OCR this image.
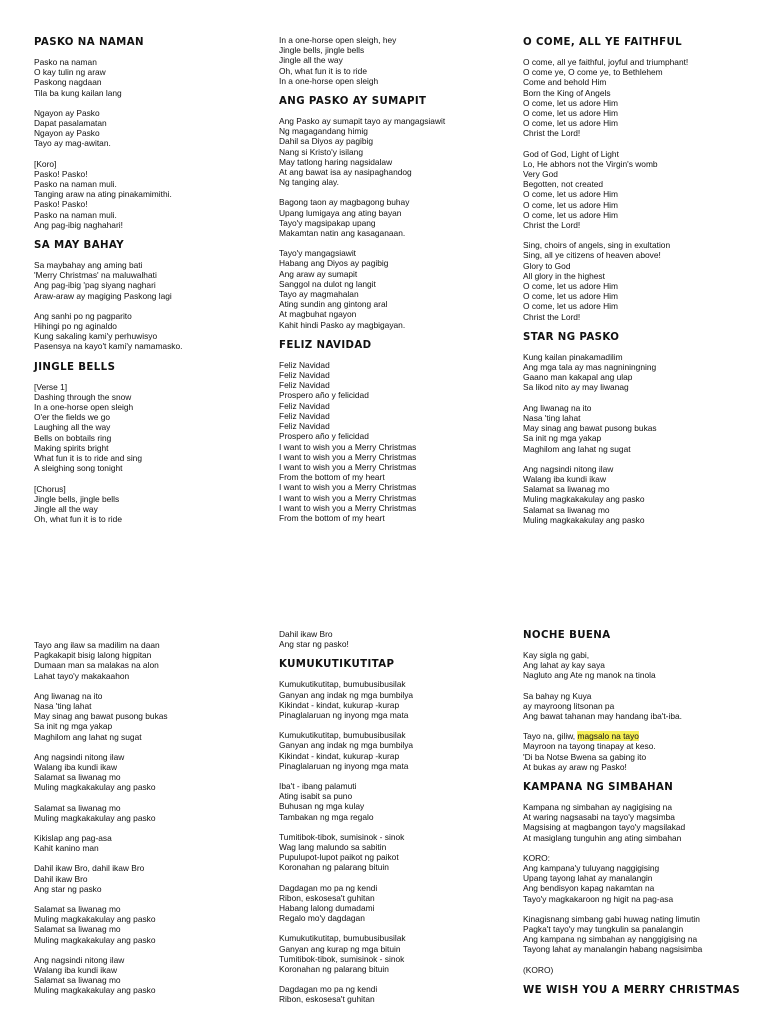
PASKO NA NAMAN
Pasko na naman
O kay tulin ng araw
Paskong nagdaan
Tila ba kung kailan lang
Ngayon ay Pasko
Dapat pasalamatan
Ngayon ay Pasko
Tayo ay mag-awitan.
[Koro]
Pasko! Pasko!
Pasko na naman muli.
Tanging araw na ating pinakamimithi.
Pasko! Pasko!
Pasko na naman muli.
Ang pag-ibig naghahari!
SA MAY BAHAY
Sa maybahay ang aming bati
'Merry Christmas' na maluwalhati
Ang pag-ibig 'pag siyang naghari
Araw-araw ay magiging Paskong lagi
Ang sanhi po ng pagparito
Hihingi po ng aginaldo
Kung sakaling kami'y perhuwisyo
Pasensya na kayo't kami'y namamasko.
JINGLE BELLS
[Verse 1]
Dashing through the snow
In a one-horse open sleigh
O'er the fields we go
Laughing all the way
Bells on bobtails ring
Making spirits bright
What fun it is to ride and sing
A sleighing song tonight
[Chorus]
Jingle bells, jingle bells
Jingle all the way
Oh, what fun it is to ride
In a one-horse open sleigh, hey
Jingle bells, jingle bells
Jingle all the way
Oh, what fun it is to ride
In a one-horse open sleigh
ANG PASKO AY SUMAPIT
Ang Pasko ay sumapit tayo ay mangagsiawit
Ng magagandang himig
Dahil sa Diyos ay pagibig
Nang si Kristo'y isilang
May tatlong haring nagsidalaw
At ang bawat isa ay nasipaghandog
Ng tanging alay.
Bagong taon ay magbagong buhay
Upang lumigaya ang ating bayan
Tayo'y magsipakap upang
Makamtan natin ang kasaganaan.
Tayo'y mangagsiawit
Habang ang Diyos ay pagibig
Ang araw ay sumapit
Sanggol na dulot ng langit
Tayo ay magmahalan
Ating sundin ang gintong aral
At magbuhat ngayon
Kahit hindi Pasko ay magbigayan.
FELIZ NAVIDAD
Feliz Navidad
Feliz Navidad
Feliz Navidad
Prospero año y felicidad
Feliz Navidad
Feliz Navidad
Feliz Navidad
Prospero año y felicidad
I want to wish you a Merry Christmas
I want to wish you a Merry Christmas
I want to wish you a Merry Christmas
From the bottom of my heart
I want to wish you a Merry Christmas
I want to wish you a Merry Christmas
I want to wish you a Merry Christmas
From the bottom of my heart
O COME, ALL YE FAITHFUL
O come, all ye faithful, joyful and triumphant!
O come ye, O come ye, to Bethlehem
Come and behold Him
Born the King of Angels
O come, let us adore Him
O come, let us adore Him
O come, let us adore Him
Christ the Lord!
God of God, Light of Light
Lo, He abhors not the Virgin's womb
Very God
Begotten, not created
O come, let us adore Him
O come, let us adore Him
O come, let us adore Him
Christ the Lord!
Sing, choirs of angels, sing in exultation
Sing, all ye citizens of heaven above!
Glory to God
All glory in the highest
O come, let us adore Him
O come, let us adore Him
O come, let us adore Him
Christ the Lord!
STAR NG PASKO
Kung kailan pinakamadilim
Ang mga tala ay mas nagniningning
Gaano man kakapal ang ulap
Sa likod nito ay may liwanag
Ang liwanag na ito
Nasa 'ting lahat
May sinag ang bawat pusong bukas
Sa init ng mga yakap
Maghilom ang lahat ng sugat
Ang nagsindi nitong ilaw
Walang iba kundi ikaw
Salamat sa liwanag mo
Muling magkakakulay ang pasko
Salamat sa liwanag mo
Muling magkakakulay ang pasko
Tayo ang ilaw sa madilim na daan
Pagkakapit bisig lalong higpitan
Dumaan man sa malakas na alon
Lahat tayo'y makakaahon
Ang liwanag na ito
Nasa 'ting lahat
May sinag ang bawat pusong bukas
Sa init ng mga yakap
Maghilom ang lahat ng sugat
Ang nagsindi nitong ilaw
Walang iba kundi ikaw
Salamat sa liwanag mo
Muling magkakakulay ang pasko
Salamat sa liwanag mo
Muling magkakakulay ang pasko
Kikislap ang pag-asa
Kahit kanino man
Dahil ikaw Bro, dahil ikaw Bro
Dahil ikaw Bro
Ang star ng pasko
Salamat sa liwanag mo
Muling magkakakulay ang pasko
Salamat sa liwanag mo
Muling magkakakulay ang pasko
Ang nagsindi nitong ilaw
Walang iba kundi ikaw
Salamat sa liwanag mo
Muling magkakakulay ang pasko
Dahil ikaw Bro
Ang star ng pasko!
KUMUKUTIKUTITAP
Kumukutikutitap, bumubusibusilak
Ganyan ang indak ng mga bumbilya
Kikindat - kindat, kukurap -kurap
Pinaglalaruan ng inyong mga mata
Kumukutikutitap, bumubusibusilak
Ganyan ang indak ng mga bumbilya
Kikindat - kindat, kukurap -kurap
Pinaglalaruan ng inyong mga mata
Iba't - ibang palamuti
Ating isabit sa puno
Buhusan ng mga kulay
Tambakan ng mga regalo
Tumitibok-tibok, sumisinok - sinok
Wag lang malundo sa sabitin
Pupulupot-lupot paikot ng paikot
Koronahan ng palarang bituin
Dagdagan mo pa ng kendi
Ribon, eskosesa't guhitan
Habang lalong dumadami
Regalo mo'y dagdagan
Kumukutikutitap, bumubusibusilak
Ganyan ang kurap ng mga bituin
Tumitibok-tibok, sumisinok - sinok
Koronahan ng palarang bituin
Dagdagan mo pa ng kendi
Ribon, eskosesa't guhitan
NOCHE BUENA
Kay sigla ng gabi,
Ang lahat ay kay saya
Nagluto ang Ate ng manok na tinola
Sa bahay ng Kuya
ay mayroong litsonan pa
Ang bawat tahanan may handang iba't-iba.
Tayo na, giliw, magsalo na tayo
Mayroon na tayong tinapay at keso.
'Di ba Notse Bwena sa gabing ito
At bukas ay araw ng Pasko!
KAMPANA NG SIMBAHAN
Kampana ng simbahan ay nagigising na
At waring nagsasabi na tayo'y magsimba
Magsising at magbangon tayo'y magsilakad
At masiglang tunguhin ang ating simbahan
KORO:
Ang kampana'y tuluyang naggigising
Upang tayong lahat ay manalangin
Ang bendisyon kapag nakamtan na
Tayo'y magkakaroon ng higit na pag-asa
Kinagisnang simbang gabi huwag nating limutin
Pagka't tayo'y may tungkulin sa panalangin
Ang kampana ng simbahan ay nanggigising na
Tayong lahat ay manalangin habang nagsisimba
(KORO)
WE WISH YOU A MERRY CHRISTMAS
